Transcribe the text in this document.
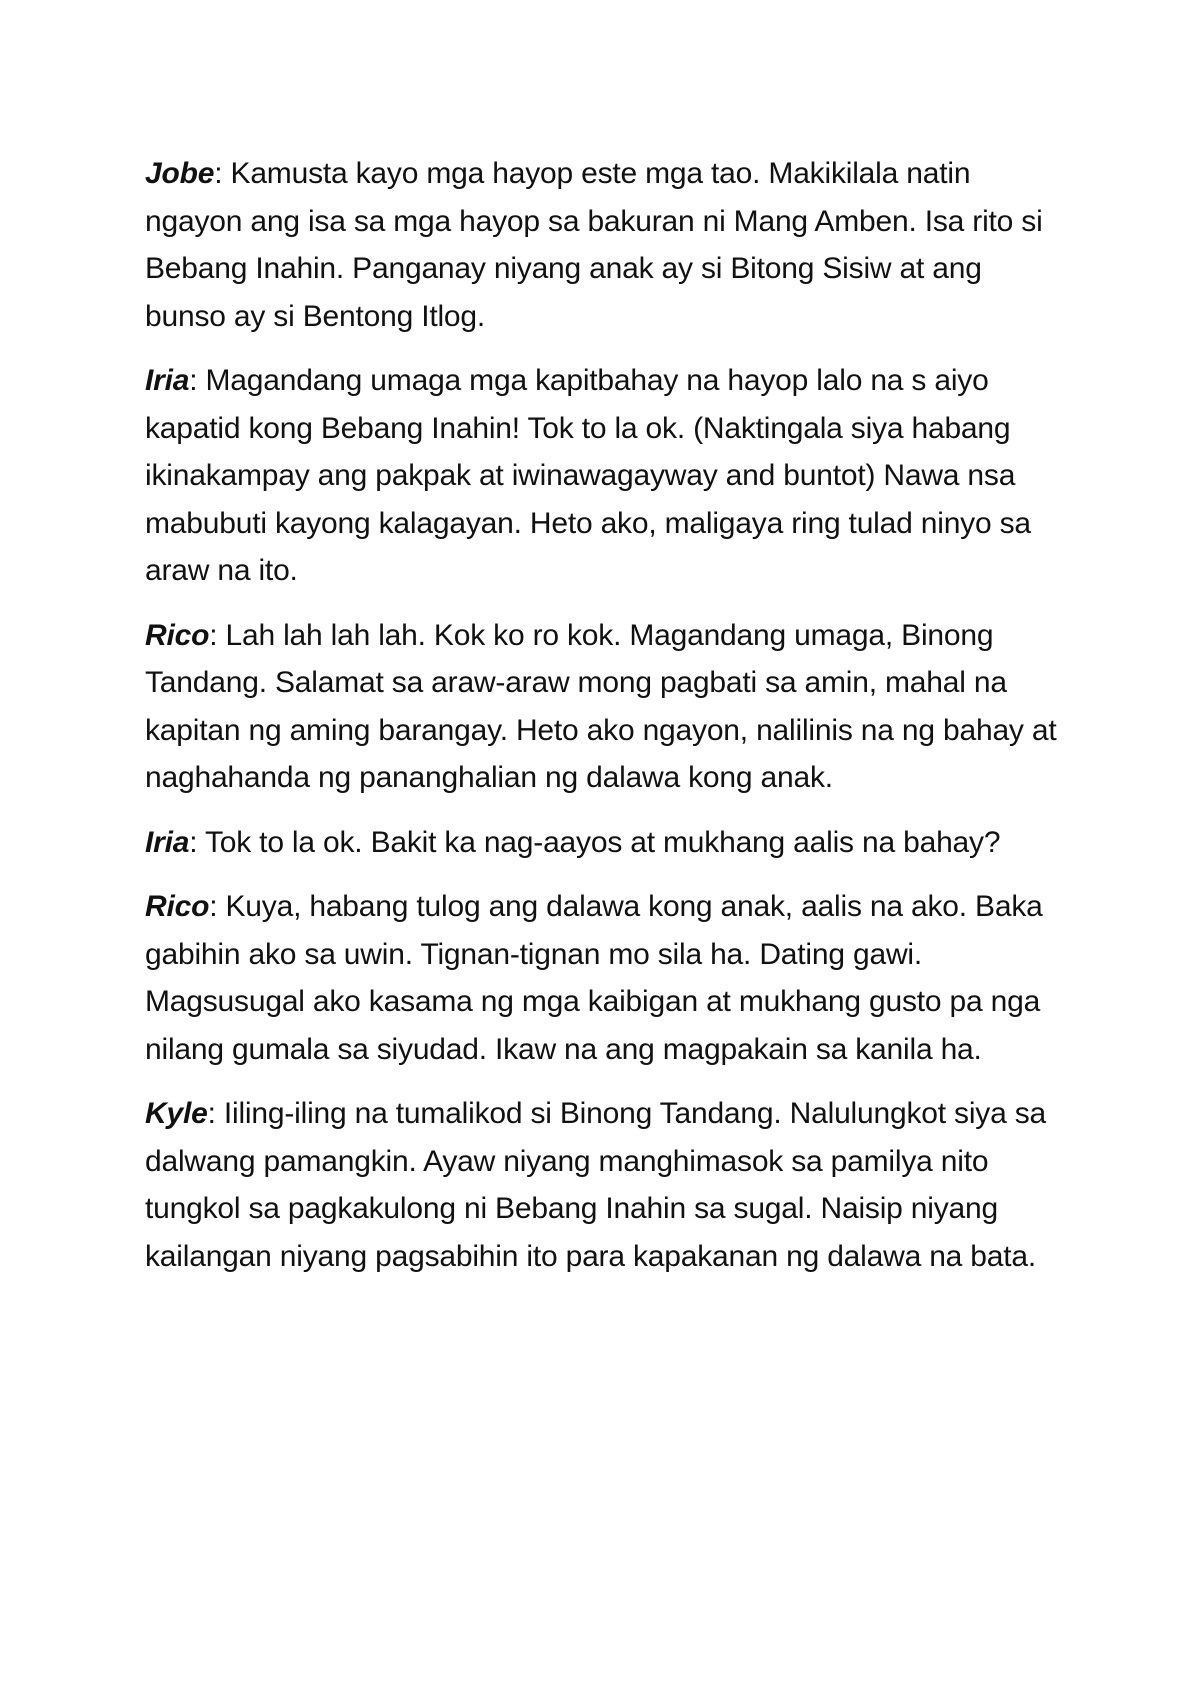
Jobe: Kamusta kayo mga hayop este mga tao. Makikilala natin ngayon ang isa sa mga hayop sa bakuran ni Mang Amben. Isa rito si Bebang Inahin. Panganay niyang anak ay si Bitong Sisiw at ang bunso ay si Bentong Itlog.

Iria: Magandang umaga mga kapitbahay na hayop lalo na s aiyo kapatid kong Bebang Inahin! Tok to la ok. (Naktingala siya habang ikinakampay ang pakpak at iwinawagayway and buntot) Nawa nsa mabubuti kayong kalagayan. Heto ako, maligaya ring tulad ninyo sa araw na ito.

Rico: Lah lah lah lah. Kok ko ro kok. Magandang umaga, Binong Tandang. Salamat sa araw-araw mong pagbati sa amin, mahal na kapitan ng aming barangay. Heto ako ngayon, nalilinis na ng bahay at naghahanda ng pananghalian ng dalawa kong anak.

Iria: Tok to la ok. Bakit ka nag-aayos at mukhang aalis na bahay?

Rico: Kuya, habang tulog ang dalawa kong anak, aalis na ako. Baka gabihin ako sa uwin. Tignan-tignan mo sila ha. Dating gawi. Magsusugal ako kasama ng mga kaibigan at mukhang gusto pa nga nilang gumala sa siyudad. Ikaw na ang magpakain sa kanila ha.

Kyle: Iiling-iling na tumalikod si Binong Tandang. Nalulungkot siya sa dalwang pamangkin. Ayaw niyang manghimasok sa pamilya nito tungkol sa pagkakulong ni Bebang Inahin sa sugal. Naisip niyang kailangan niyang pagsabihin ito para kapakanan ng dalawa na bata.
